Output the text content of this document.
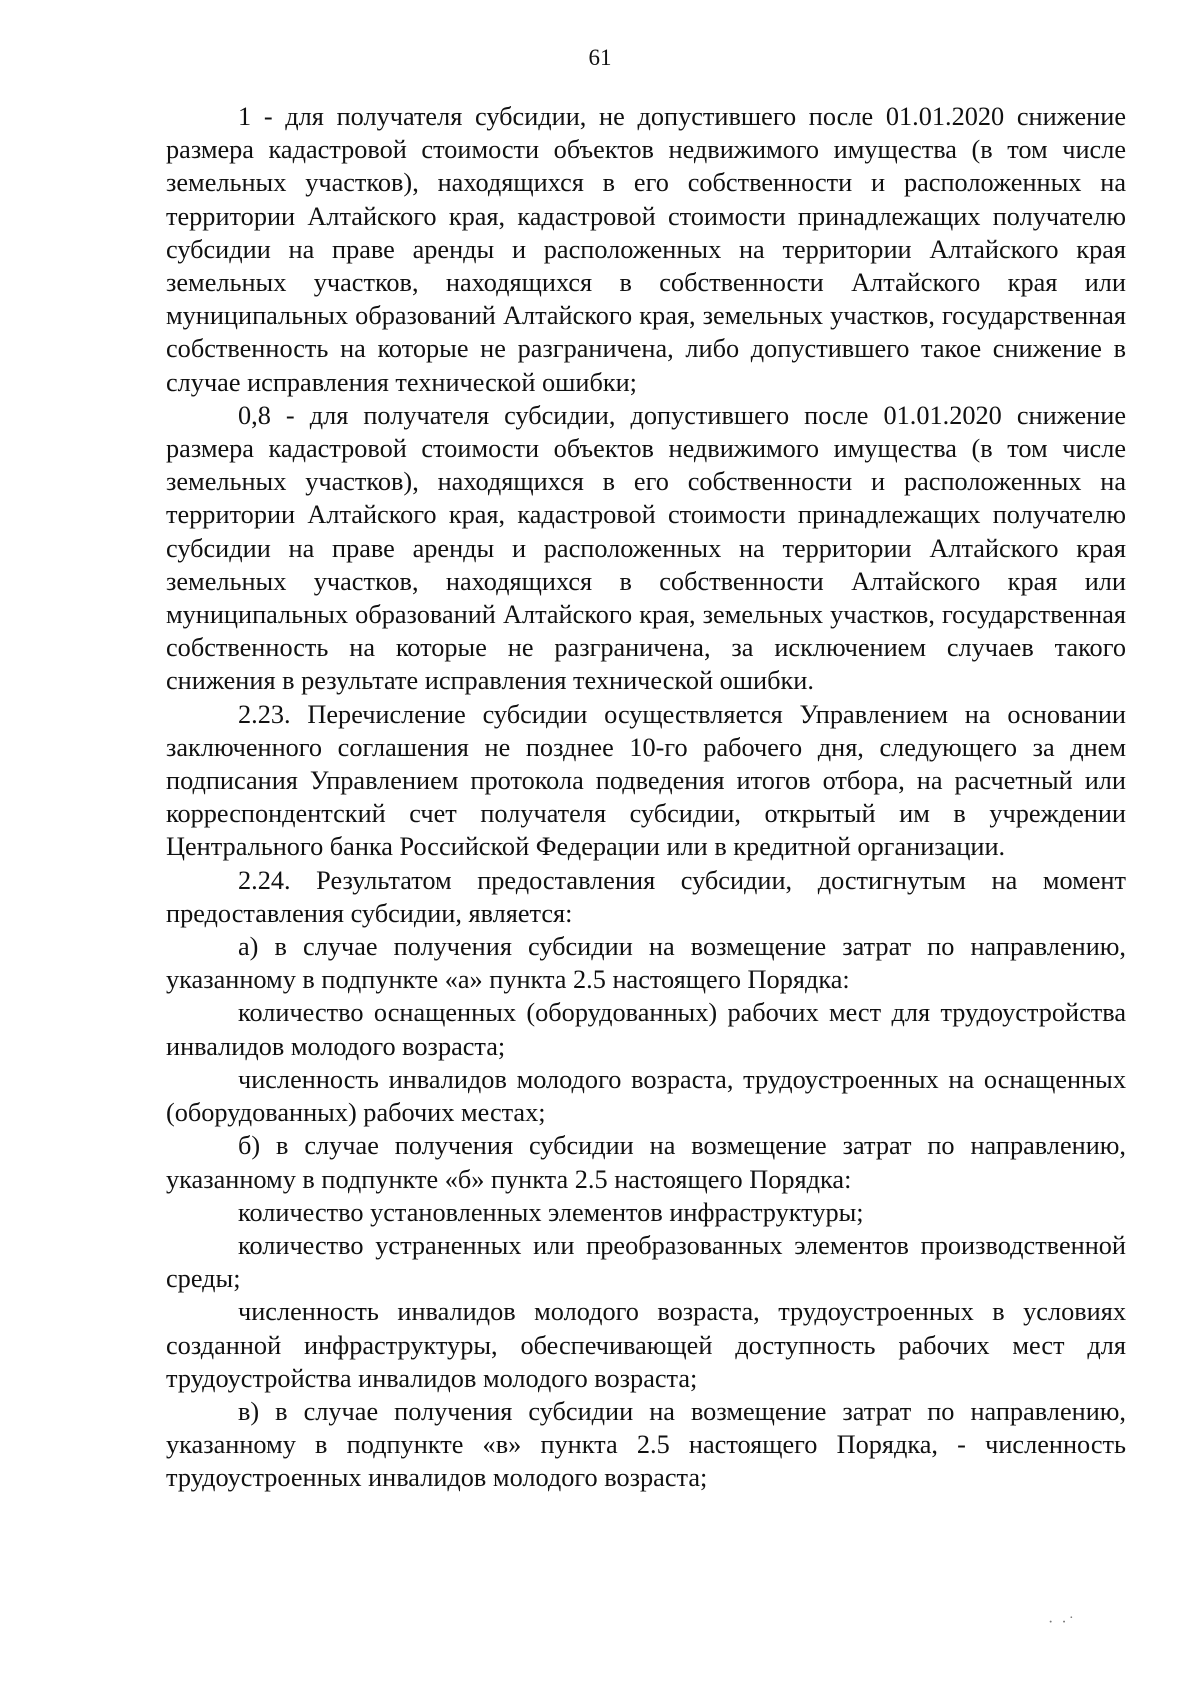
61

1 - для получателя субсидии, не допустившего после 01.01.2020 снижение размера кадастровой стоимости объектов недвижимого имущества (в том числе земельных участков), находящихся в его собственности и расположенных на территории Алтайского края, кадастровой стоимости принадлежащих получателю субсидии на праве аренды и расположенных на территории Алтайского края земельных участков, находящихся в собственности Алтайского края или муниципальных образований Алтайского края, земельных участков, государственная собственность на которые не разграничена, либо допустившего такое снижение в случае исправления технической ошибки;

0,8 - для получателя субсидии, допустившего после 01.01.2020 снижение размера кадастровой стоимости объектов недвижимого имущества (в том числе земельных участков), находящихся в его собственности и расположенных на территории Алтайского края, кадастровой стоимости принадлежащих получателю субсидии на праве аренды и расположенных на территории Алтайского края земельных участков, находящихся в собственности Алтайского края или муниципальных образований Алтайского края, земельных участков, государственная собственность на которые не разграничена, за исключением случаев такого снижения в результате исправления технической ошибки.

2.23. Перечисление субсидии осуществляется Управлением на основании заключенного соглашения не позднее 10-го рабочего дня, следующего за днем подписания Управлением протокола подведения итогов отбора, на расчетный или корреспондентский счет получателя субсидии, открытый им в учреждении Центрального банка Российской Федерации или в кредитной организации.

2.24. Результатом предоставления субсидии, достигнутым на момент предоставления субсидии, является:

а) в случае получения субсидии на возмещение затрат по направлению, указанному в подпункте «а» пункта 2.5 настоящего Порядка:

количество оснащенных (оборудованных) рабочих мест для трудоустройства инвалидов молодого возраста;

численность инвалидов молодого возраста, трудоустроенных на оснащенных (оборудованных) рабочих местах;

б) в случае получения субсидии на возмещение затрат по направлению, указанному в подпункте «б» пункта 2.5 настоящего Порядка:

количество установленных элементов инфраструктуры;

количество устраненных или преобразованных элементов производственной среды;

численность инвалидов молодого возраста, трудоустроенных в условиях созданной инфраструктуры, обеспечивающей доступность рабочих мест для трудоустройства инвалидов молодого возраста;

в) в случае получения субсидии на возмещение затрат по направлению, указанному в подпункте «в» пункта 2.5 настоящего Порядка, - численность трудоустроенных инвалидов молодого возраста;

· ·˙
